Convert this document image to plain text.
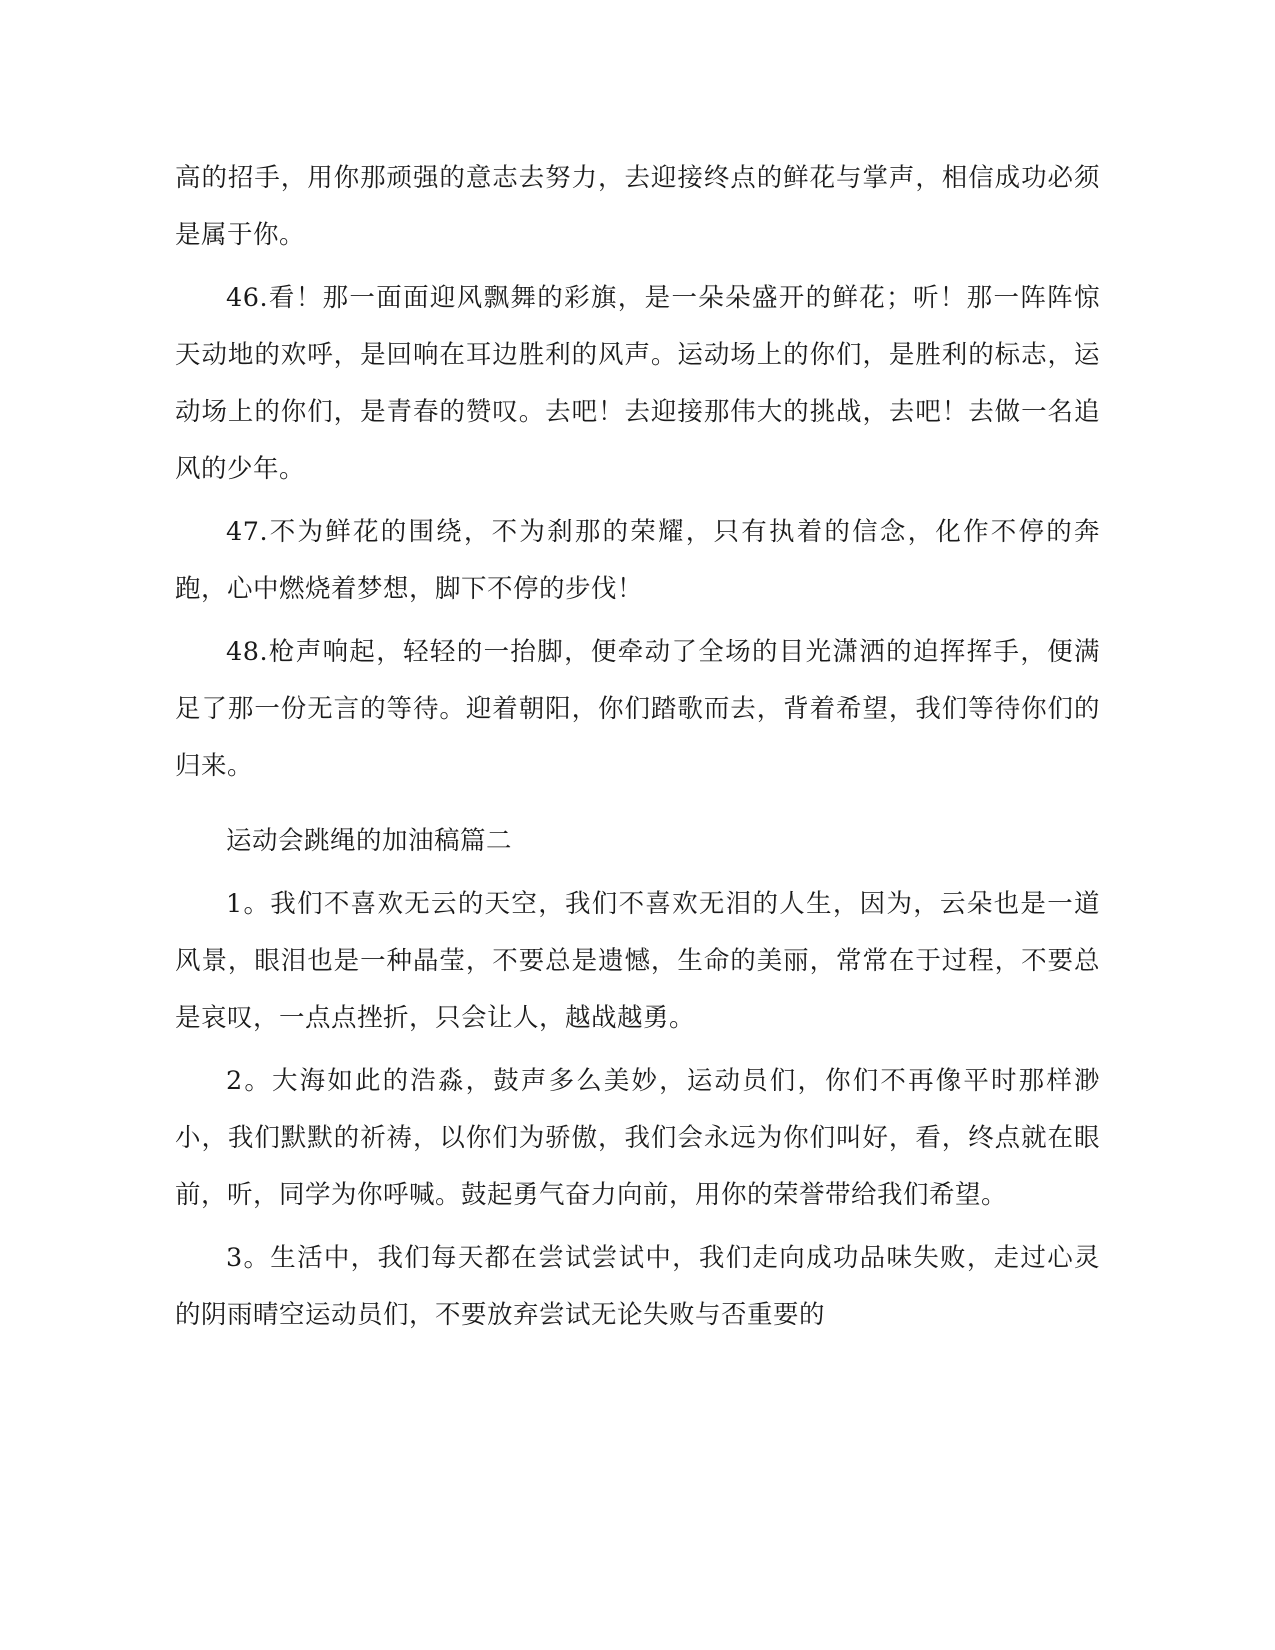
高的招手，用你那顽强的意志去努力，去迎接终点的鲜花与掌声，相信成功必须是属于你。

46.看！那一面面迎风飘舞的彩旗，是一朵朵盛开的鲜花；听！那一阵阵惊天动地的欢呼，是回响在耳边胜利的风声。运动场上的你们，是胜利的标志，运动场上的你们，是青春的赞叹。去吧！去迎接那伟大的挑战，去吧！去做一名追风的少年。

47.不为鲜花的围绕，不为刹那的荣耀，只有执着的信念，化作不停的奔跑，心中燃烧着梦想，脚下不停的步伐！

48.枪声响起，轻轻的一抬脚，便牵动了全场的目光潇洒的迫挥挥手，便满足了那一份无言的等待。迎着朝阳，你们踏歌而去，背着希望，我们等待你们的归来。

运动会跳绳的加油稿篇二

1。我们不喜欢无云的天空，我们不喜欢无泪的人生，因为，云朵也是一道风景，眼泪也是一种晶莹，不要总是遗憾，生命的美丽，常常在于过程，不要总是哀叹，一点点挫折，只会让人，越战越勇。

2。大海如此的浩淼，鼓声多么美妙，运动员们，你们不再像平时那样渺小，我们默默的祈祷，以你们为骄傲，我们会永远为你们叫好，看，终点就在眼前，听，同学为你呼喊。鼓起勇气奋力向前，用你的荣誉带给我们希望。

3。生活中，我们每天都在尝试尝试中，我们走向成功品味失败，走过心灵的阴雨晴空运动员们，不要放弃尝试无论失败与否重要的
